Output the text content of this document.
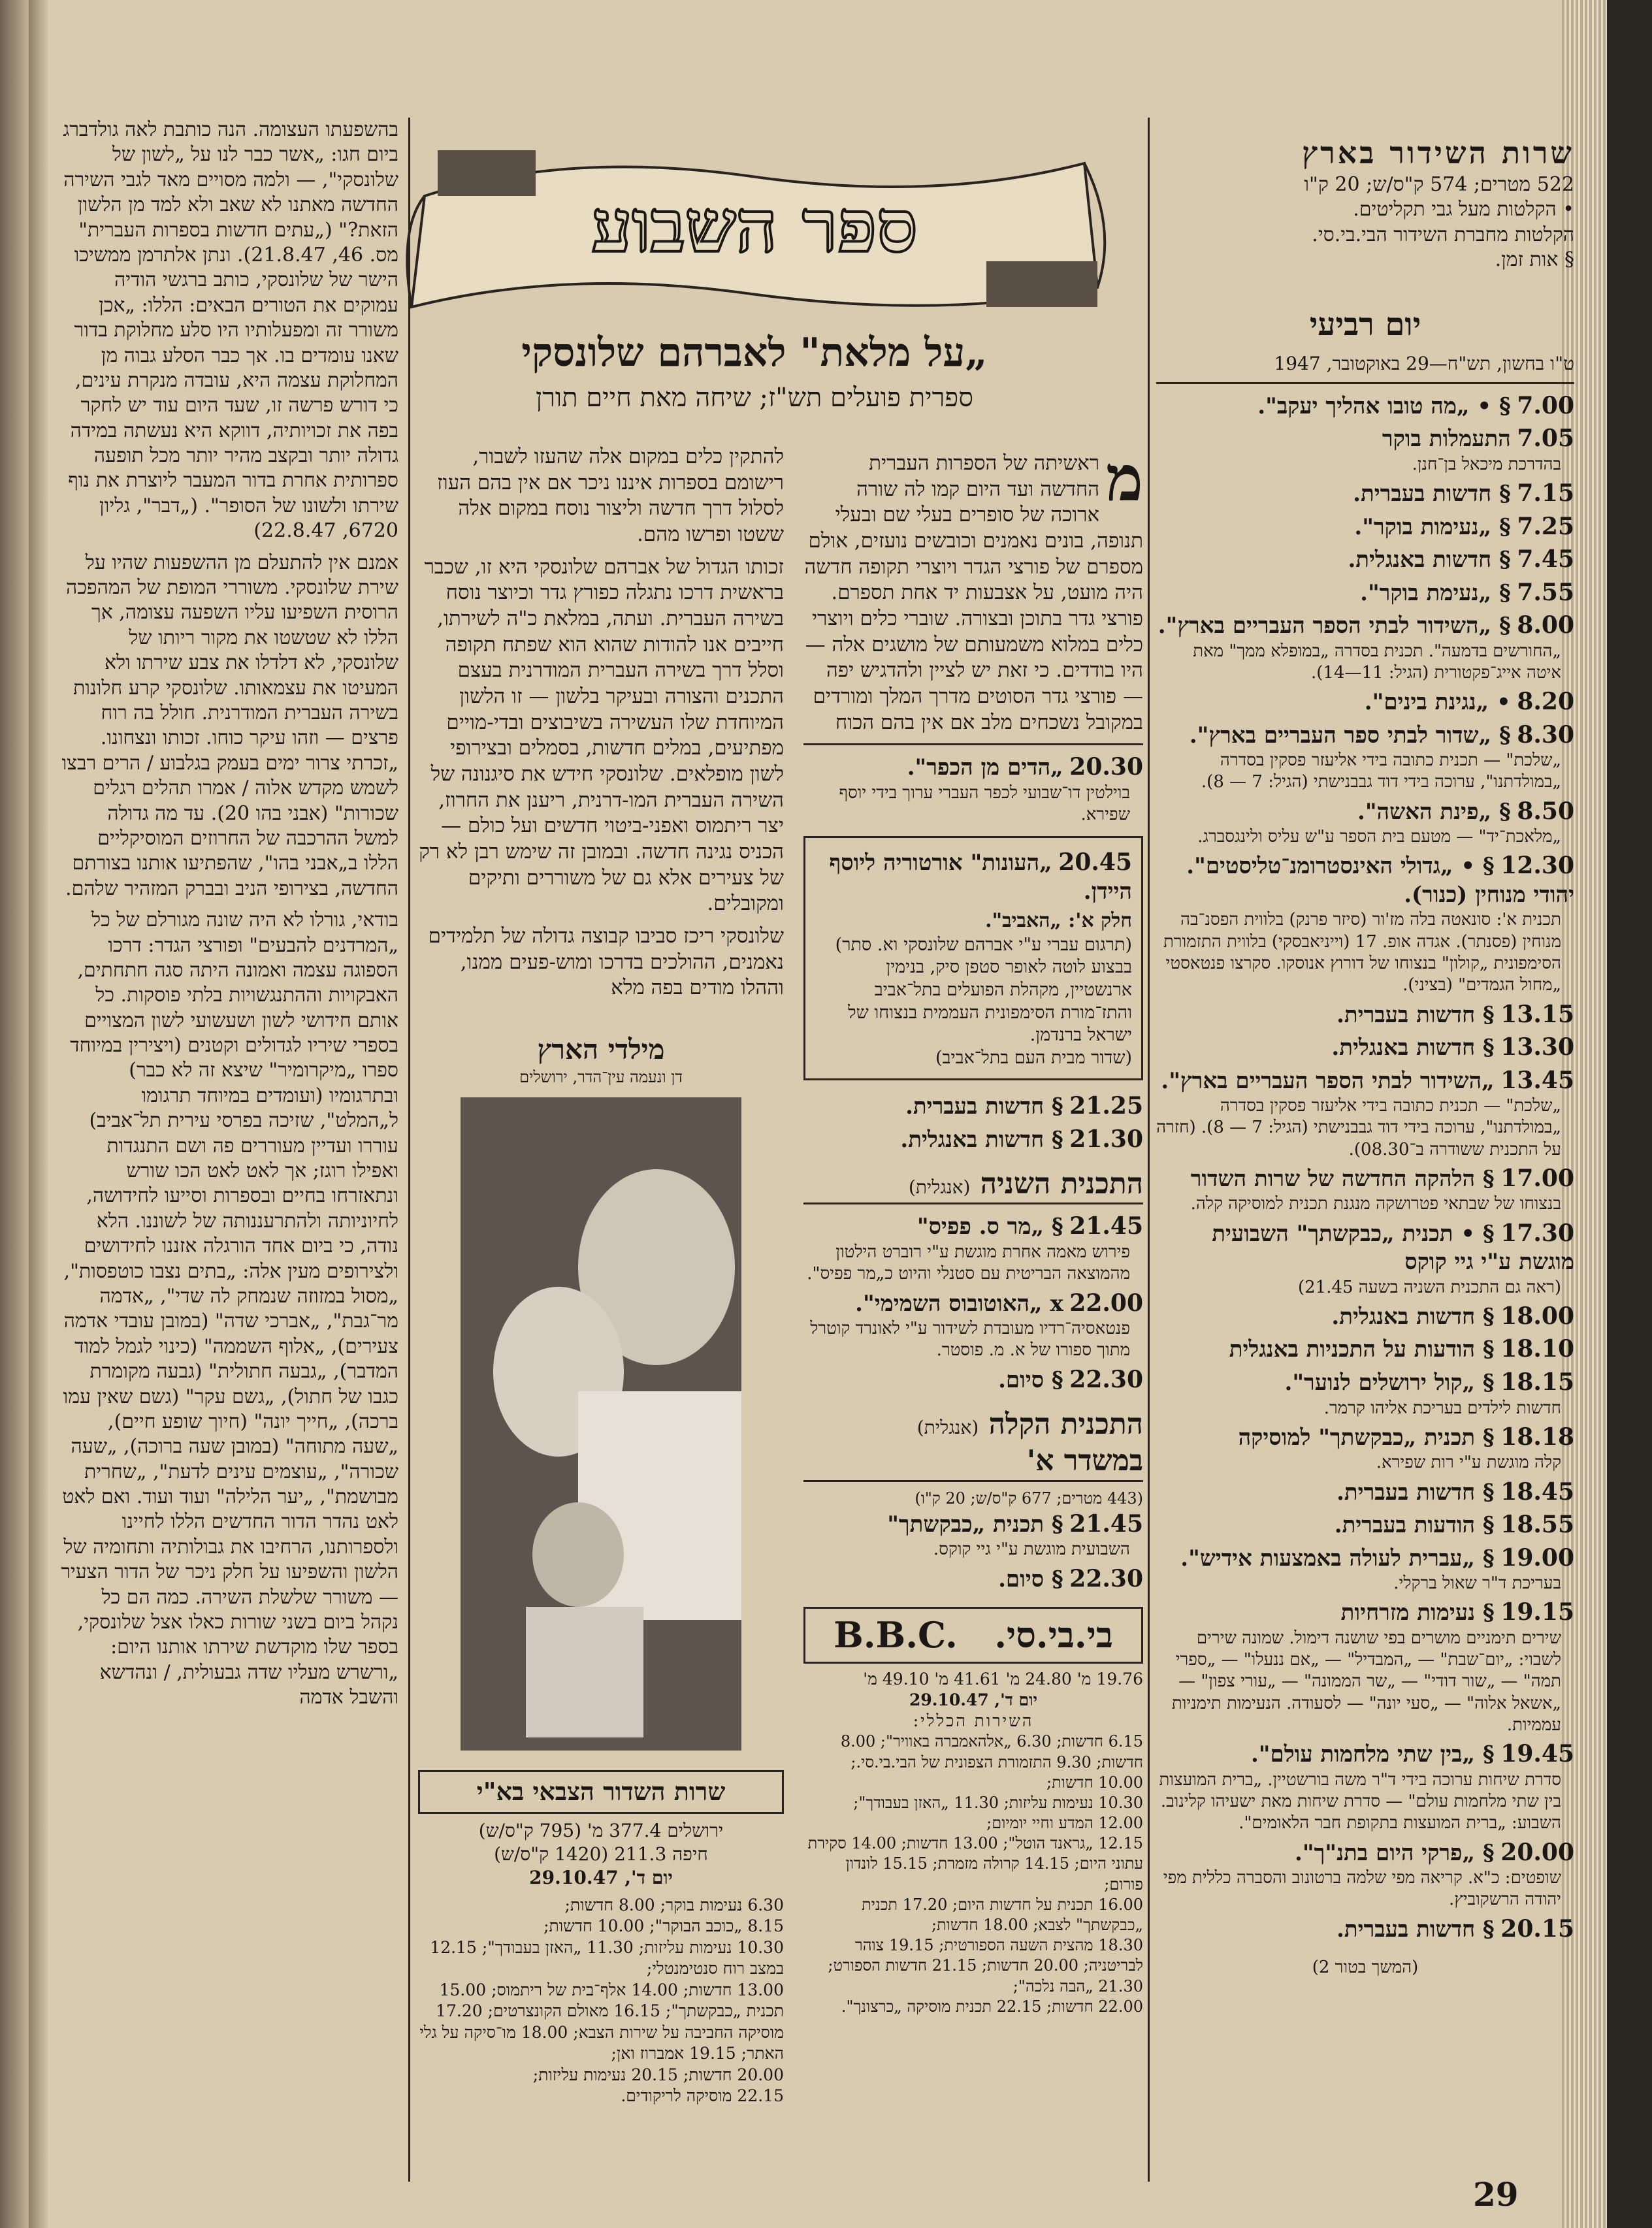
ספר השבוע
„על מלאת" לאברהם שלונסקי
ספרית פועלים תש"ז; שיחה מאת חיים תורן
שרות השידור בארץ
522 מטרים; 574 ק"ס/ש; 20 ק"ו
• הקלטות מעל גבי תקליטים.
הקלטות מחברת השידור הבי.בי.סי.
§ אות זמן.
יום רביעי
ט"ו בחשון, תש"ח—29 באוקטובר, 1947
7.00 § • „מה טובו אהליך יעקב".
7.05 התעמלות בוקר
בהדרכת מיכאל בן־חנן.
7.15 § חדשות בעברית.
7.25 § „נעימות בוקר".
7.45 § חדשות באנגלית.
7.55 § „נעימת בוקר".
8.00 § „השידור לבתי הספר העבריים בארץ".
„החורשים בדמעה". תכנית בסדרה „במופלא ממך" מאת איטה אייג־פקטורית (הגיל: 11—14).
8.20 • „נגינת בינים".
8.30 § „שדור לבתי ספר העבריים בארץ".
„שלכת" — תכנית כתובה בידי אליעזר פסקין בסדרה „במולדתנו", ערוכה בידי דוד גבבנישתי (הגיל: 7 — 8).
8.50 § „פינת האשה".
„מלאכת־יד" — מטעם בית הספר ע"ש עליס ולינגסברג.
12.30 § • „גדולי האינסטרומנ־טליסטים". יהודי מנוחין (כנור).
תכנית א': סונאטה בלה מז'ור (סיזר פרנק) בלווית הפסנ־בה מנוחין (פסנתר). אגדה אופ. 17 (וייניאבסקי) בלווית התזמורת הסימפונית „קולון" בנצוחו של דורוץ אנוסקו. סקרצו פנטאסטי „מחול הגמדים" (בציני).
13.15 § חדשות בעברית.
13.30 § חדשות באנגלית.
13.45 „השידור לבתי הספר העבריים בארץ".
„שלכת" — תכנית כתובה בידי אליעזר פסקין בסדרה „במולדתנו", ערוכה בידי דוד גבבנישתי (הגיל: 7 — 8). (חזרה על התכנית ששודרה ב־08.30).
17.00 § הלהקה החדשה של שרות השדור
בנצוחו של שבתאי פטרושקה מנגנת תכנית למוסיקה קלה.
17.30 § • תכנית „כבקשתך" השבועית מוגשת ע"י גיי קוקס
(ראה גם התכנית השניה בשעה 21.45)
18.00 § חדשות באנגלית.
18.10 § הודעות על התכניות באנגלית
18.15 § „קול ירושלים לנוער".
חדשות לילדים בעריכת אליהו קרמר.
18.18 § תכנית „כבקשתך" למוסיקה
קלה מוגשת ע"י רות שפירא.
18.45 § חדשות בעברית.
18.55 § הודעות בעברית.
19.00 § „עברית לעולה באמצעות אידיש".
בעריכת ד"ר שאול ברקלי.
19.15 § נעימות מזרחיות
שירים תימניים מושרים בפי שושנה דימול. שמונה שירים לשבוי: „יום־שבת" — „המבדיל" — „אם ננעלו" — „ספרי תמה" — „שור דודי" — „שר הממונה" — „עורי צפון" — „אשאל אלוה" — „סעי יונה" — לסעודה. הנעימות תימניות עממיות.
19.45 § „בין שתי מלחמות עולם".
סדרת שיחות ערוכה בידי ד"ר משה בורשטיין. „ברית המועצות בין שתי מלחמות עולם" — סדרת שיחות מאת ישעיהו קלינוב. השבוע: „ברית המועצות בתקופת חבר הלאומים".
20.00 § „פרקי היום בתנ"ך".
שופטים: כ"א. קריאה מפי שלמה ברטונוב והסברה כללית מפי יהודה הרשקוביץ.
20.15 § חדשות בעברית.
(המשך בטור 2)

מ
ראשיתה של הספרות העברית החדשה ועד היום קמו לה שורה ארוכה של סופרים בעלי שם ובעלי תנופה, בונים נאמנים וכובשים נועזים, אולם מספרם של פורצי הגדר ויוצרי תקופה חדשה היה מועט, על אצבעות יד אחת תספרם. פורצי גדר בתוכן ובצורה. שוברי כלים ויוצרי כלים במלוא משמעותם של מושגים אלה — היו בודדים. כי זאת יש לציין ולהדגיש יפה — פורצי גדר הסוטים מדרך המלך ומורדים במקובל נשכחים מלב אם אין בהם הכוח

20.30 „הדים מן הכפר".
בוילטין דו־שבועי לכפר העברי ערוך בידי יוסף שפירא.
20.45 „העונות" אורטוריה ליוסף היידן.
חלק א': „האביב".
(תרגום עברי ע"י אברהם שלונסקי וא. סתר) בבצוע לוטה לאופר סטפן סיק, בנימין ארנשטיין, מקהלת הפועלים בתל־אביב והתז־מורת הסימפונית העממית בנצוחו של ישראל ברנדמן.
(שדור מבית העם בתל־אביב)
21.25 § חדשות בעברית.
21.30 § חדשות באנגלית.
התכנית השניה (אנגלית)
21.45 § „מר ס. פפיס"
פירוש מאמה אחרת מוגשת ע"י רוברט הילטון מהמוצאה הבריטית עם סטנלי והיוט כ„מר פפיס".
22.00 x „האוטובוס השמימי".
פנטאסיה־רדיו מעובדת לשידור ע"י לאונרד קוטרל מתוך ספורו של א. מ. פוסטר.
22.30 § סיום.
התכנית הקלה (אנגלית)
במשדר א'
(443 מטרים; 677 ק"ס/ש; 20 ק"ו)
21.45 § תכנית „כבקשתך"
השבועית מוגשת ע"י גיי קוקס.
22.30 § סיום.
B.B.C. בי.בי.סי.
19.76 מ' 24.80 מ' 41.61 מ' 49.10 מ'
יום ד', 29.10.47
השירות הכללי:
6.15 חדשות; 6.30 „אלהאמברה באוויר"; 8.00 חדשות; 9.30 התזמורת הצפונית של הבי.בי.סי.; 10.00 חדשות;
10.30 נעימות עליזות; 11.30 „האזן בעבודך"; 12.00 המדע וחיי יומיום;
12.15 „גראנד הוטל"; 13.00 חדשות; 14.00 סקירת עתוני היום; 14.15 קרולה מזמרת; 15.15 לונדון פורום;
16.00 תכנית על חדשות היום; 17.20 תכנית „כבקשתך" לצבא; 18.00 חדשות;
18.30 מהצית השעה הספורטית; 19.15 צוהר לבריטניה; 20.00 חדשות; 21.15 חדשות הספורט; 21.30 „הבה נלכה";
22.00 חדשות; 22.15 תכנית מוסיקה „כרצונך".

להתקין כלים במקום אלה שהעזו לשבור, רישומם בספרות איננו ניכר אם אין בהם העוז לסלול דרך חדשה וליצור נוסח במקום אלה ששטו ופרשו מהם.

זכותו הגדול של אברהם שלונסקי היא זו, שכבר בראשית דרכו נתגלה כפורץ גדר וכיוצר נוסח בשירה העברית. ועתה, במלאת כ"ה לשירתו, חייבים אנו להודות שהוא הוא שפתח תקופה וסלל דרך בשירה העברית המודרנית בעצם התכנים והצורה ובעיקר בלשון — זו הלשון המיוחדת שלו העשירה בשיבוצים ובדי-מויים מפתיעים, במלים חדשות, בסמלים ובצירופי לשון מופלאים. שלונסקי חידש את סיגנונה של השירה העברית המו-דרנית, ריענן את החרוז, יצר ריתמוס ואפני-ביטוי חדשים ועל כולם — הכניס נגינה חדשה. ובמובן זה שימש רבן לא רק של צעירים אלא גם של משוררים ותיקים ומקובלים.

שלונסקי ריכז סביבו קבוצה גדולה של תלמידים נאמנים, ההולכים בדרכו ומוש-פעים ממנו, וההלו מודים בפה מלא

מילדי הארץ
דן ונעמה עין־הדר, ירושלים
שרות השדור הצבאי בא"י
ירושלים 377.4 מ' (795 ק"ס/ש)
חיפה 211.3 (1420 ק"ס/ש)
יום ד', 29.10.47
6.30 נעימות בוקר; 8.00 חדשות;
8.15 „כוכב הבוקר"; 10.00 חדשות;
10.30 נעימות עליזות; 11.30 „האזן בעבודך"; 12.15 במצב רוח סנטימנטלי;
13.00 חדשות; 14.00 אלף־בית של ריתמוס; 15.00 תכנית „כבקשתך"; 16.15 מאולם הקונצרטים; 17.20 מוסיקה החביבה על שירות הצבא; 18.00 מו־סיקה על גלי האתר; 19.15 אמברוז ואן;
20.00 חדשות; 20.15 נעימות עליזות;
22.15 מוסיקה לריקודים.

בהשפעתו העצומה. הנה כותבת לאה גולדברג ביום חגו: „אשר כבר לנו על „לשון של שלונסקי", — ולמה מסויים מאד לגבי השירה החדשה מאתנו לא שאב ולא למד מן הלשון הזאת?" („עתים חדשות בספרות העברית" מס. 46, 21.8.47). ונתן אלתרמן ממשיכו הישר של שלונסקי, כותב ברגשי הודיה עמוקים את הטורים הבאים: הללו: „אכן משורר זה ומפעלותיו היו סלע מחלוקת בדור שאנו עומדים בו. אך כבר הסלע גבוה מן המחלוקת עצמה היא, עובדה מנקרת עינים, כי דורש פרשה זו, שעד היום עוד יש לחקר בפה את זכויותיה, דווקא היא נעשתה במידה גדולה יותר ובקצב מהיר יותר מכל תופעה ספרותית אחרת בדור המעבר ליוצרת את נוף שירתו ולשונו של הסופר". („דבר", גליון 6720, 22.8.47)

אמנם אין להתעלם מן ההשפעות שהיו על שירת שלונסקי. משוררי המופת של המהפכה הרוסית השפיעו עליו השפעה עצומה, אך הללו לא שטשטו את מקור ריותו של שלונסקי, לא דלדלו את צבע שירתו ולא המעיטו את עצמאותו. שלונסקי קרע חלונות בשירה העברית המודרנית. חולל בה רוח פרצים — וזהו עיקר כוחו. זכותו ונצחונו. „זכרתי צרור ימים בעמק בגלבוע / הרים רבצו לשמש מקדש אלוה / אמרו תהלים רגלים שכורות" (אבני בהו 20). עד מה גדולה למשל ההרכבה של החרוזים המוסיקליים הללו ב„אבני בהו", שהפתיעו אותנו בצורתם החדשה, בצירופי הניב ובברק המזהיר שלהם.

בודאי, גורלו לא היה שונה מגורלם של כל „המרדנים להבעים" ופורצי הגדר: דרכו הספוגה עצמה ואמונה היתה סגה חתחתים, האבקויות וההתנגשויות בלתי פוסקות. כל אותם חידושי לשון ושעשועי לשון המצויים בספרי שיריו לגדולים וקטנים (ויצירין במיוחד ספרו „מיקרומיר" שיצא זה לא כבר) ובתרגומיו (ועומדים במיוחד תרגומו ל„המלט", שזיכה בפרסי עירית תל־אביב) עוררו ועדיין מעוררים פה ושם התנגדות ואפילו רוגז; אך לאט לאט הכו שורש ונתאזרחו בחיים ובספרות וסייעו לחידושה, לחיוניותה ולהתרעננותה של לשוננו. הלא נודה, כי ביום אחד הורגלה אזננו לחידושים ולצירופים מעין אלה: „בתים נצבו כוטפסות", „מסול במזוזה שנמחק לה שדי", „אדמה מר־גבת", „אברכי שדה" (במובן עובדי אדמה צעירים), „אלוף השממה" (כינוי לגמל למוד המדבר), „גבעה חתולית" (גבעה מקומרת כגבו של חתול), „גשם עקר" (גשם שאין עמו ברכה), „חייך יונה" (חיוך שופע חיים), „שעה מתוחה" (במובן שעה ברוכה), „שעה שכורה", „עוצמים עינים לדעת", „שחרית מבושמת", „יער הלילה" ועוד ועוד. ואם לאט לאט נהדר הדור החדשים הללו לחיינו ולספרותנו, הרחיבו את גבולותיה ותחומיה של הלשון והשפיעו על חלק ניכר של הדור הצעיר — משורר שלשלת השירה. כמה הם כל נקהל ביום בשני שורות כאלו אצל שלונסקי, בספר שלו מוקדשת שירתו אותנו היום: „ורשרש מעליו שדה גבעולית, / ונהדשא והשבל אדמה

29
